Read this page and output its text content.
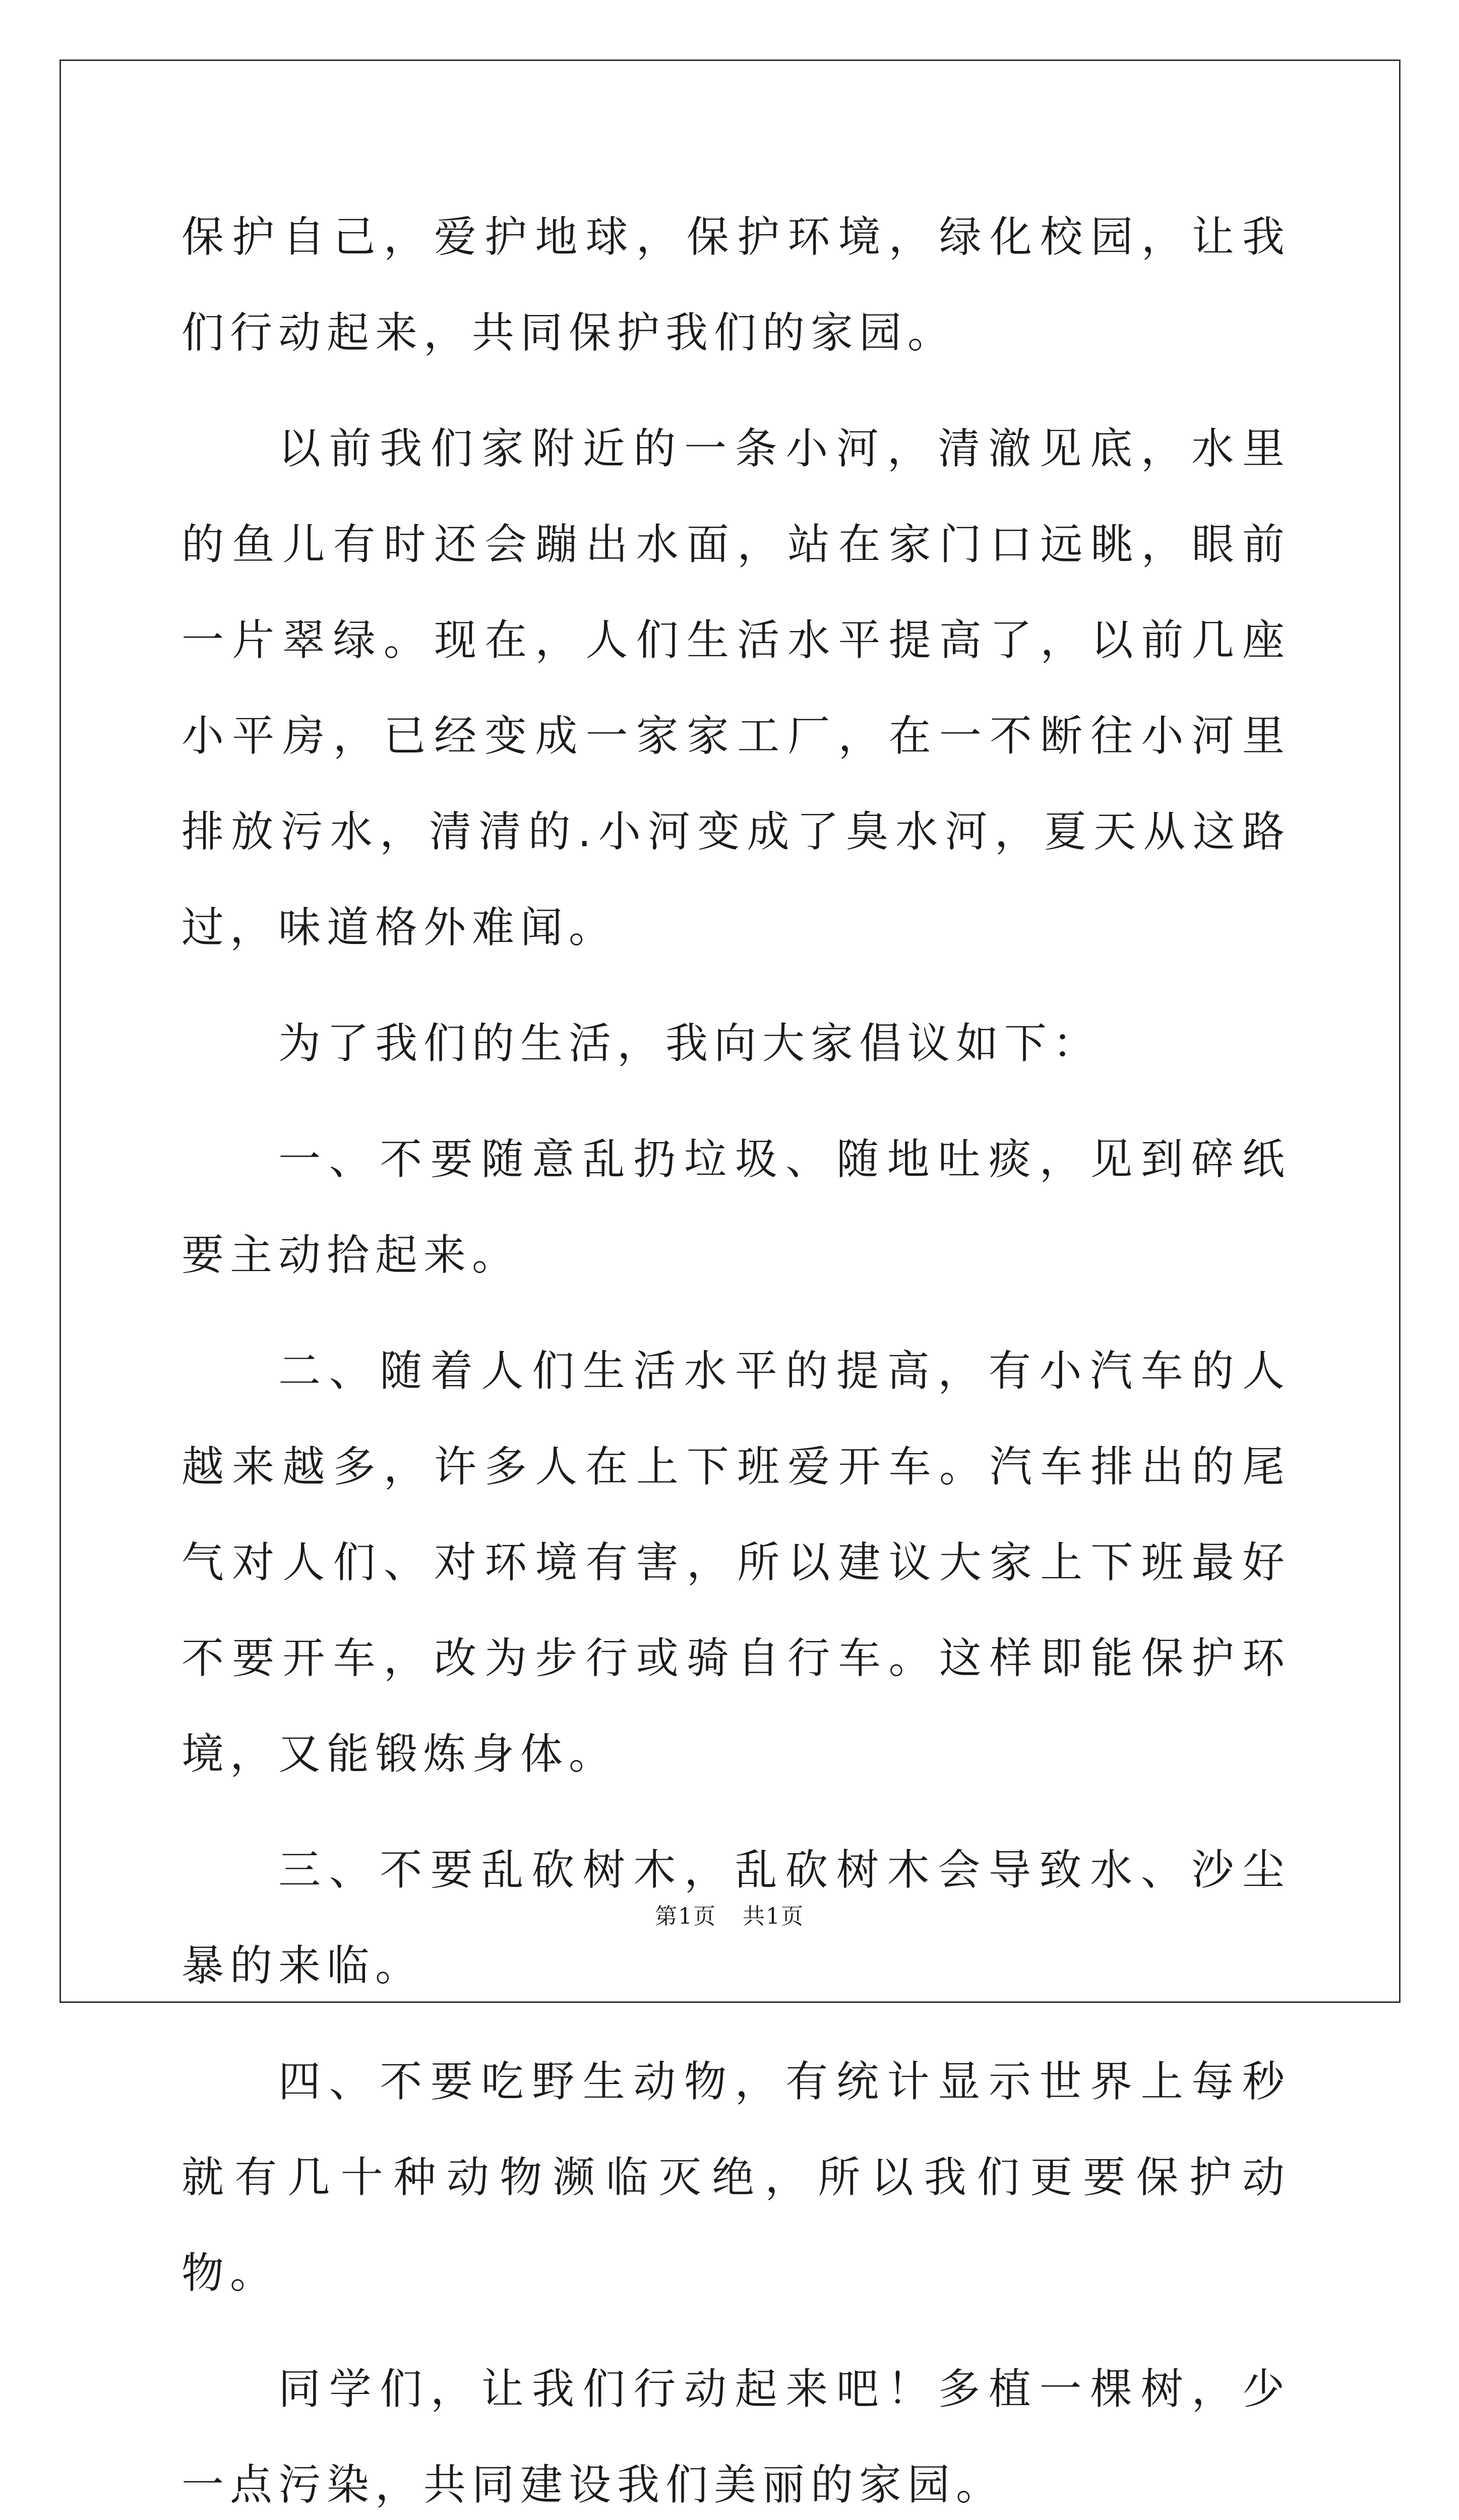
保护自己，爱护地球，保护环境，绿化校园，让我们行动起来，共同保护我们的家园。

以前我们家附近的一条小河，清澈见底，水里的鱼儿有时还会蹦出水面，站在家门口远眺，眼前一片翠绿。现在，人们生活水平提高了，以前几座小平房，已经变成一家家工厂，在一不断往小河里排放污水，清清的.小河变成了臭水河，夏天从这路过，味道格外难闻。

为了我们的生活，我向大家倡议如下：

一、不要随意乱扔垃圾、随地吐痰，见到碎纸要主动拾起来。

二、随着人们生活水平的提高，有小汽车的人越来越多，许多人在上下班爱开车。汽车排出的尾气对人们、对环境有害，所以建议大家上下班最好不要开车，改为步行或骑自行车。这样即能保护环境，又能锻炼身体。

三、不要乱砍树木，乱砍树木会导致水、沙尘暴的来临。

四、不要吃野生动物，有统计显示世界上每秒就有几十种动物濒临灭绝，所以我们更要保护动物。

同学们，让我们行动起来吧！多植一棵树，少一点污染，共同建设我们美丽的家园。

第1页 共1页
